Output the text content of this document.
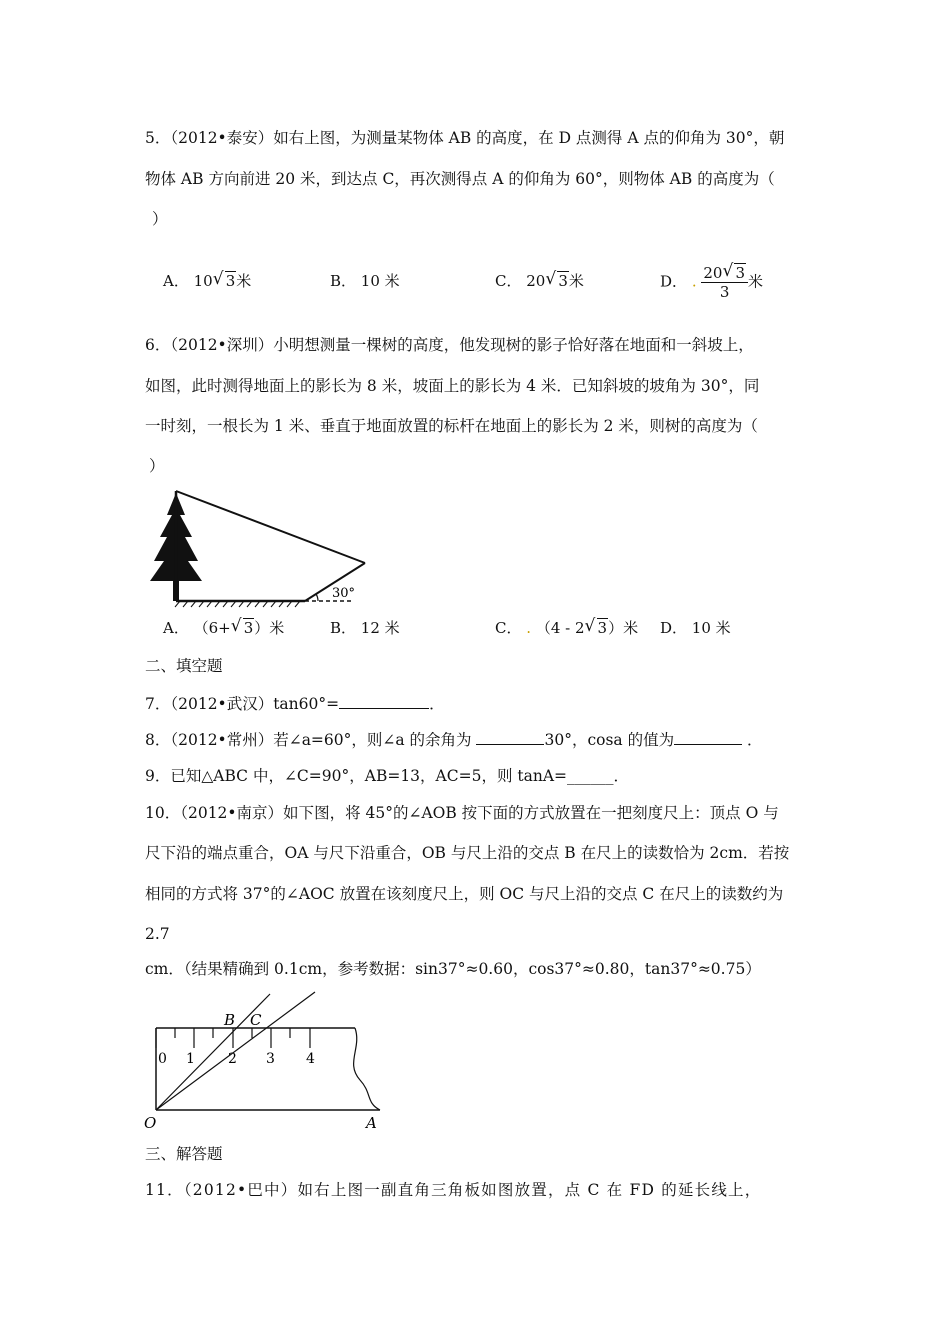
5．（2012•泰安）如右上图，为测量某物体 AB 的高度，在 D 点测得 A 点的仰角为 30°，朝
物体 AB 方向前进 20 米，到达点 C，再次测得点 A 的仰角为 60°，则物体 AB 的高度为（
）
A． 10 √ 3米	B． 10 米	C． 20 √ 3米	D． . $\frac{20 √ 3}{3}$ 米
6．（2012•深圳）小明想测量一棵树的高度，他发现树的影子恰好落在地面和一斜坡上，
如图，此时测得地面上的影长为 8 米，坡面上的影长为 4 米．已知斜坡的坡角为 30°，同
一时刻，一根长为 1 米、垂直于地面放置的标杆在地面上的影长为 2 米，则树的高度为（
）
30°
A． （6+ √ 3）米	B． 12 米	C． . （4 - 2 √ 3）米 D． 10 米
二、填空题
7．（2012•武汉）tan60°=	．
8．（2012•常州）若∠a=60°，则∠a 的余角为	30°，cosa 的值为	．
9．已知△ABC 中，∠C=90°，AB=13，AC=5，则 tanA=______．
10．（2012•南京）如下图，将 45°的∠AOB 按下面的方式放置在一把刻度尺上：顶点 O 与
尺下沿的端点重合，OA 与尺下沿重合，OB 与尺上沿的交点 B 在尺上的读数恰为 2cm．若按
相同的方式将 37°的∠AOC 放置在该刻度尺上，则 OC 与尺上沿的交点 C 在尺上的读数约为
2.7
cm．（结果精确到 0.1cm，参考数据：sin37°≈0.60，cos37°≈0.80，tan37°≈0.75）
0 1 2 3 4
B C
O	A
三、解答题
11．（2012•巴中）如右上图一副直角三角板如图放置，点 C 在 FD 的延长线上，
